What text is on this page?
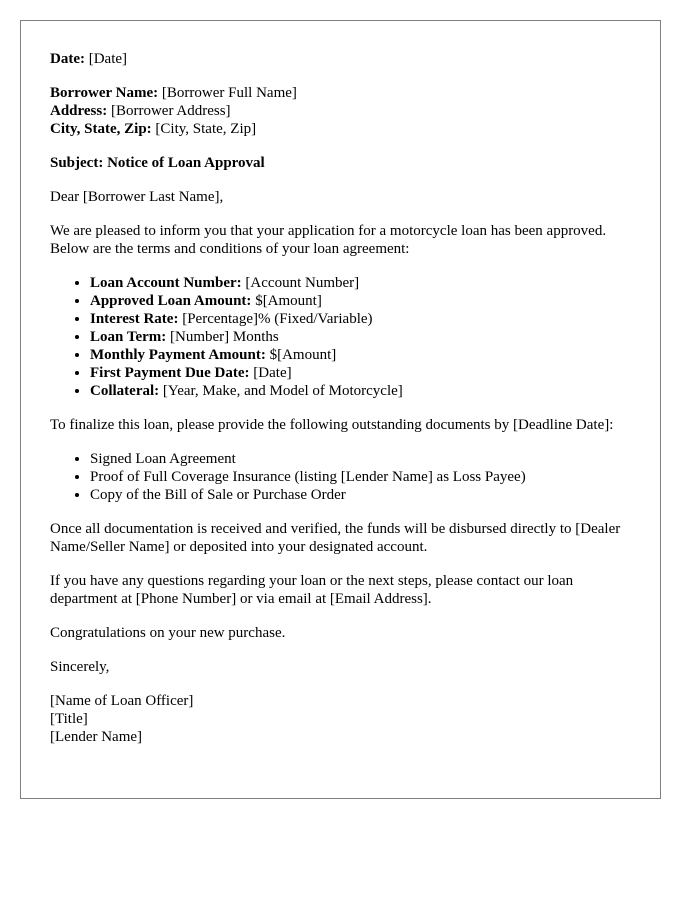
Date: [Date]

Borrower Name: [Borrower Full Name]
Address: [Borrower Address]
City, State, Zip: [City, State, Zip]

Subject: Notice of Loan Approval

Dear [Borrower Last Name],

We are pleased to inform you that your application for a motorcycle loan has been approved. Below are the terms and conditions of your loan agreement:

• Loan Account Number: [Account Number]
• Approved Loan Amount: $[Amount]
• Interest Rate: [Percentage]% (Fixed/Variable)
• Loan Term: [Number] Months
• Monthly Payment Amount: $[Amount]
• First Payment Due Date: [Date]
• Collateral: [Year, Make, and Model of Motorcycle]

To finalize this loan, please provide the following outstanding documents by [Deadline Date]:

• Signed Loan Agreement
• Proof of Full Coverage Insurance (listing [Lender Name] as Loss Payee)
• Copy of the Bill of Sale or Purchase Order

Once all documentation is received and verified, the funds will be disbursed directly to [Dealer Name/Seller Name] or deposited into your designated account.

If you have any questions regarding your loan or the next steps, please contact our loan department at [Phone Number] or via email at [Email Address].

Congratulations on your new purchase.

Sincerely,

[Name of Loan Officer]
[Title]
[Lender Name]
